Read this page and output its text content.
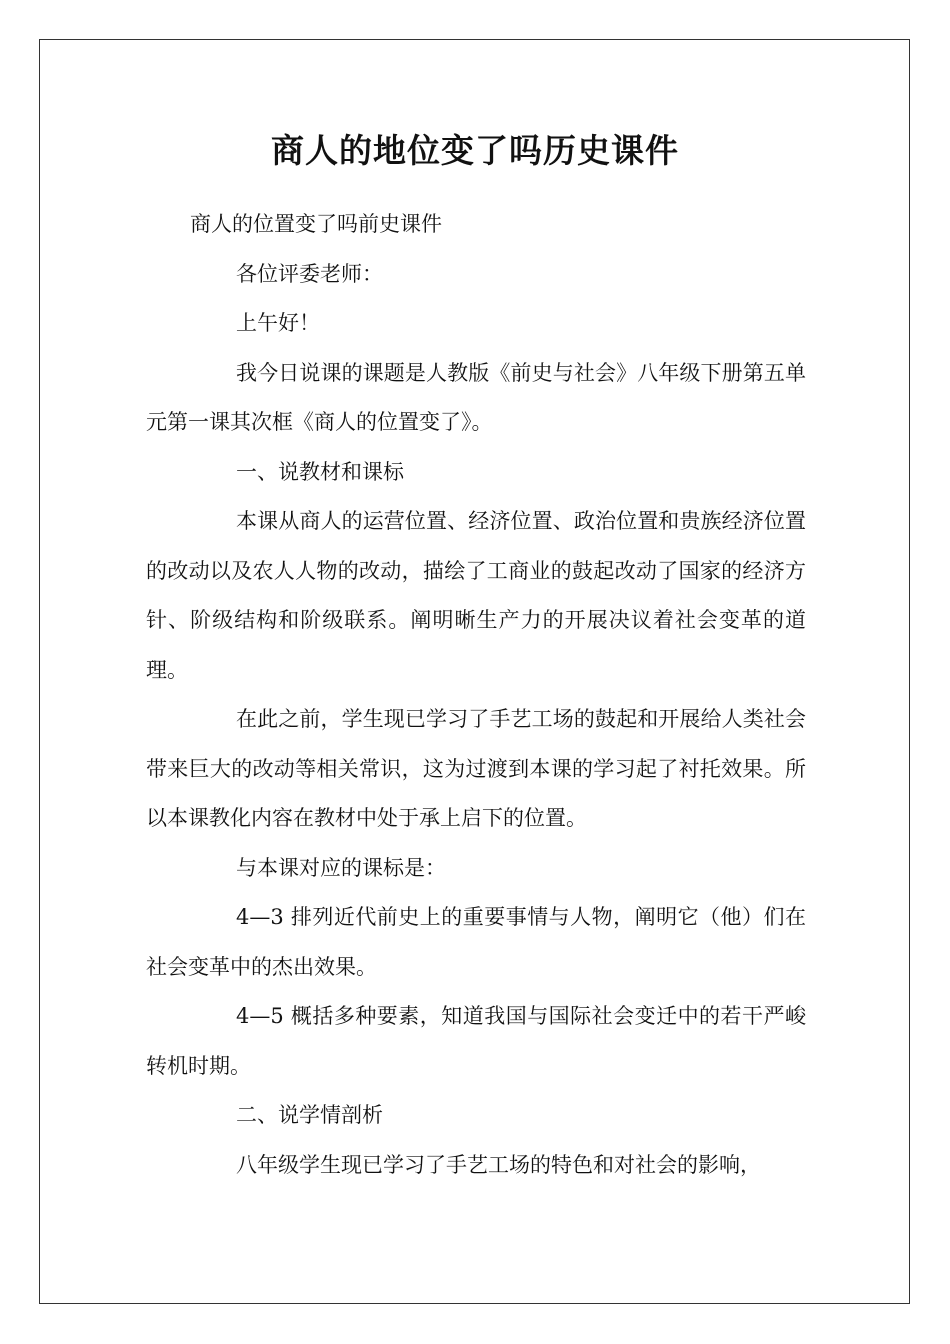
商人的地位变了吗历史课件

商人的位置变了吗前史课件

各位评委老师：

上午好！

我今日说课的课题是人教版《前史与社会》八年级下册第五单元第一课其次框《商人的位置变了》。

一、说教材和课标

本课从商人的运营位置、经济位置、政治位置和贵族经济位置的改动以及农人人物的改动，描绘了工商业的鼓起改动了国家的经济方针、阶级结构和阶级联系。阐明晰生产力的开展决议着社会变革的道理。

在此之前，学生现已学习了手艺工场的鼓起和开展给人类社会带来巨大的改动等相关常识，这为过渡到本课的学习起了衬托效果。所以本课教化内容在教材中处于承上启下的位置。

与本课对应的课标是：

4—3 排列近代前史上的重要事情与人物，阐明它（他）们在社会变革中的杰出效果。

4—5 概括多种要素，知道我国与国际社会变迁中的若干严峻转机时期。

二、说学情剖析

八年级学生现已学习了手艺工场的特色和对社会的影响，
